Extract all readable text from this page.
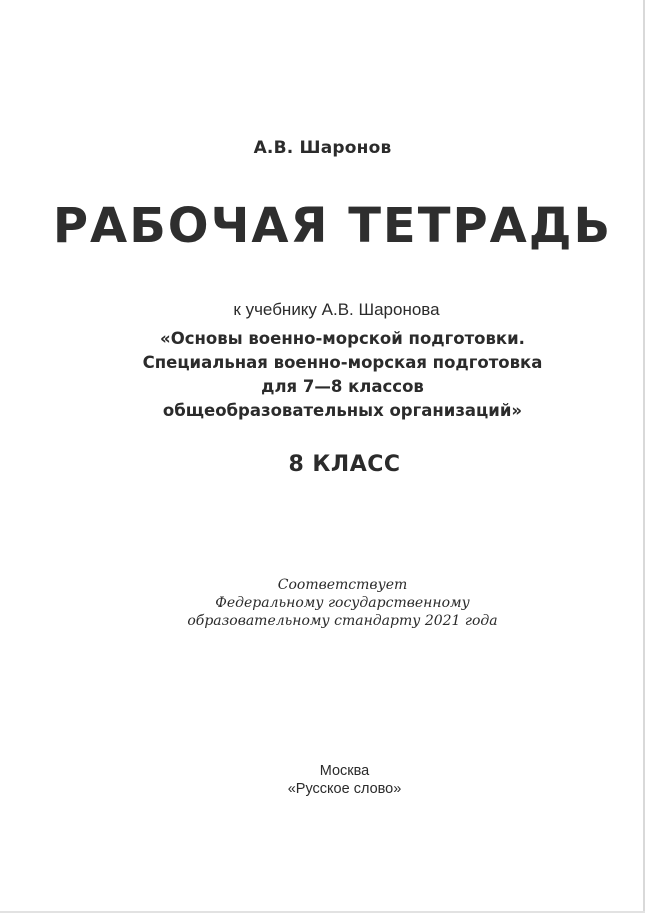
А.В. Шаронов
РАБОЧАЯ ТЕТРАДЬ
к учебнику А.В. Шаронова
«Основы военно-морской подготовки.
Специальная военно-морская подготовка
для 7—8 классов
общеобразовательных организаций»
8 КЛАСС
Соответствует
Федеральному государственному
образовательному стандарту 2021 года
Москва
«Русское слово»
